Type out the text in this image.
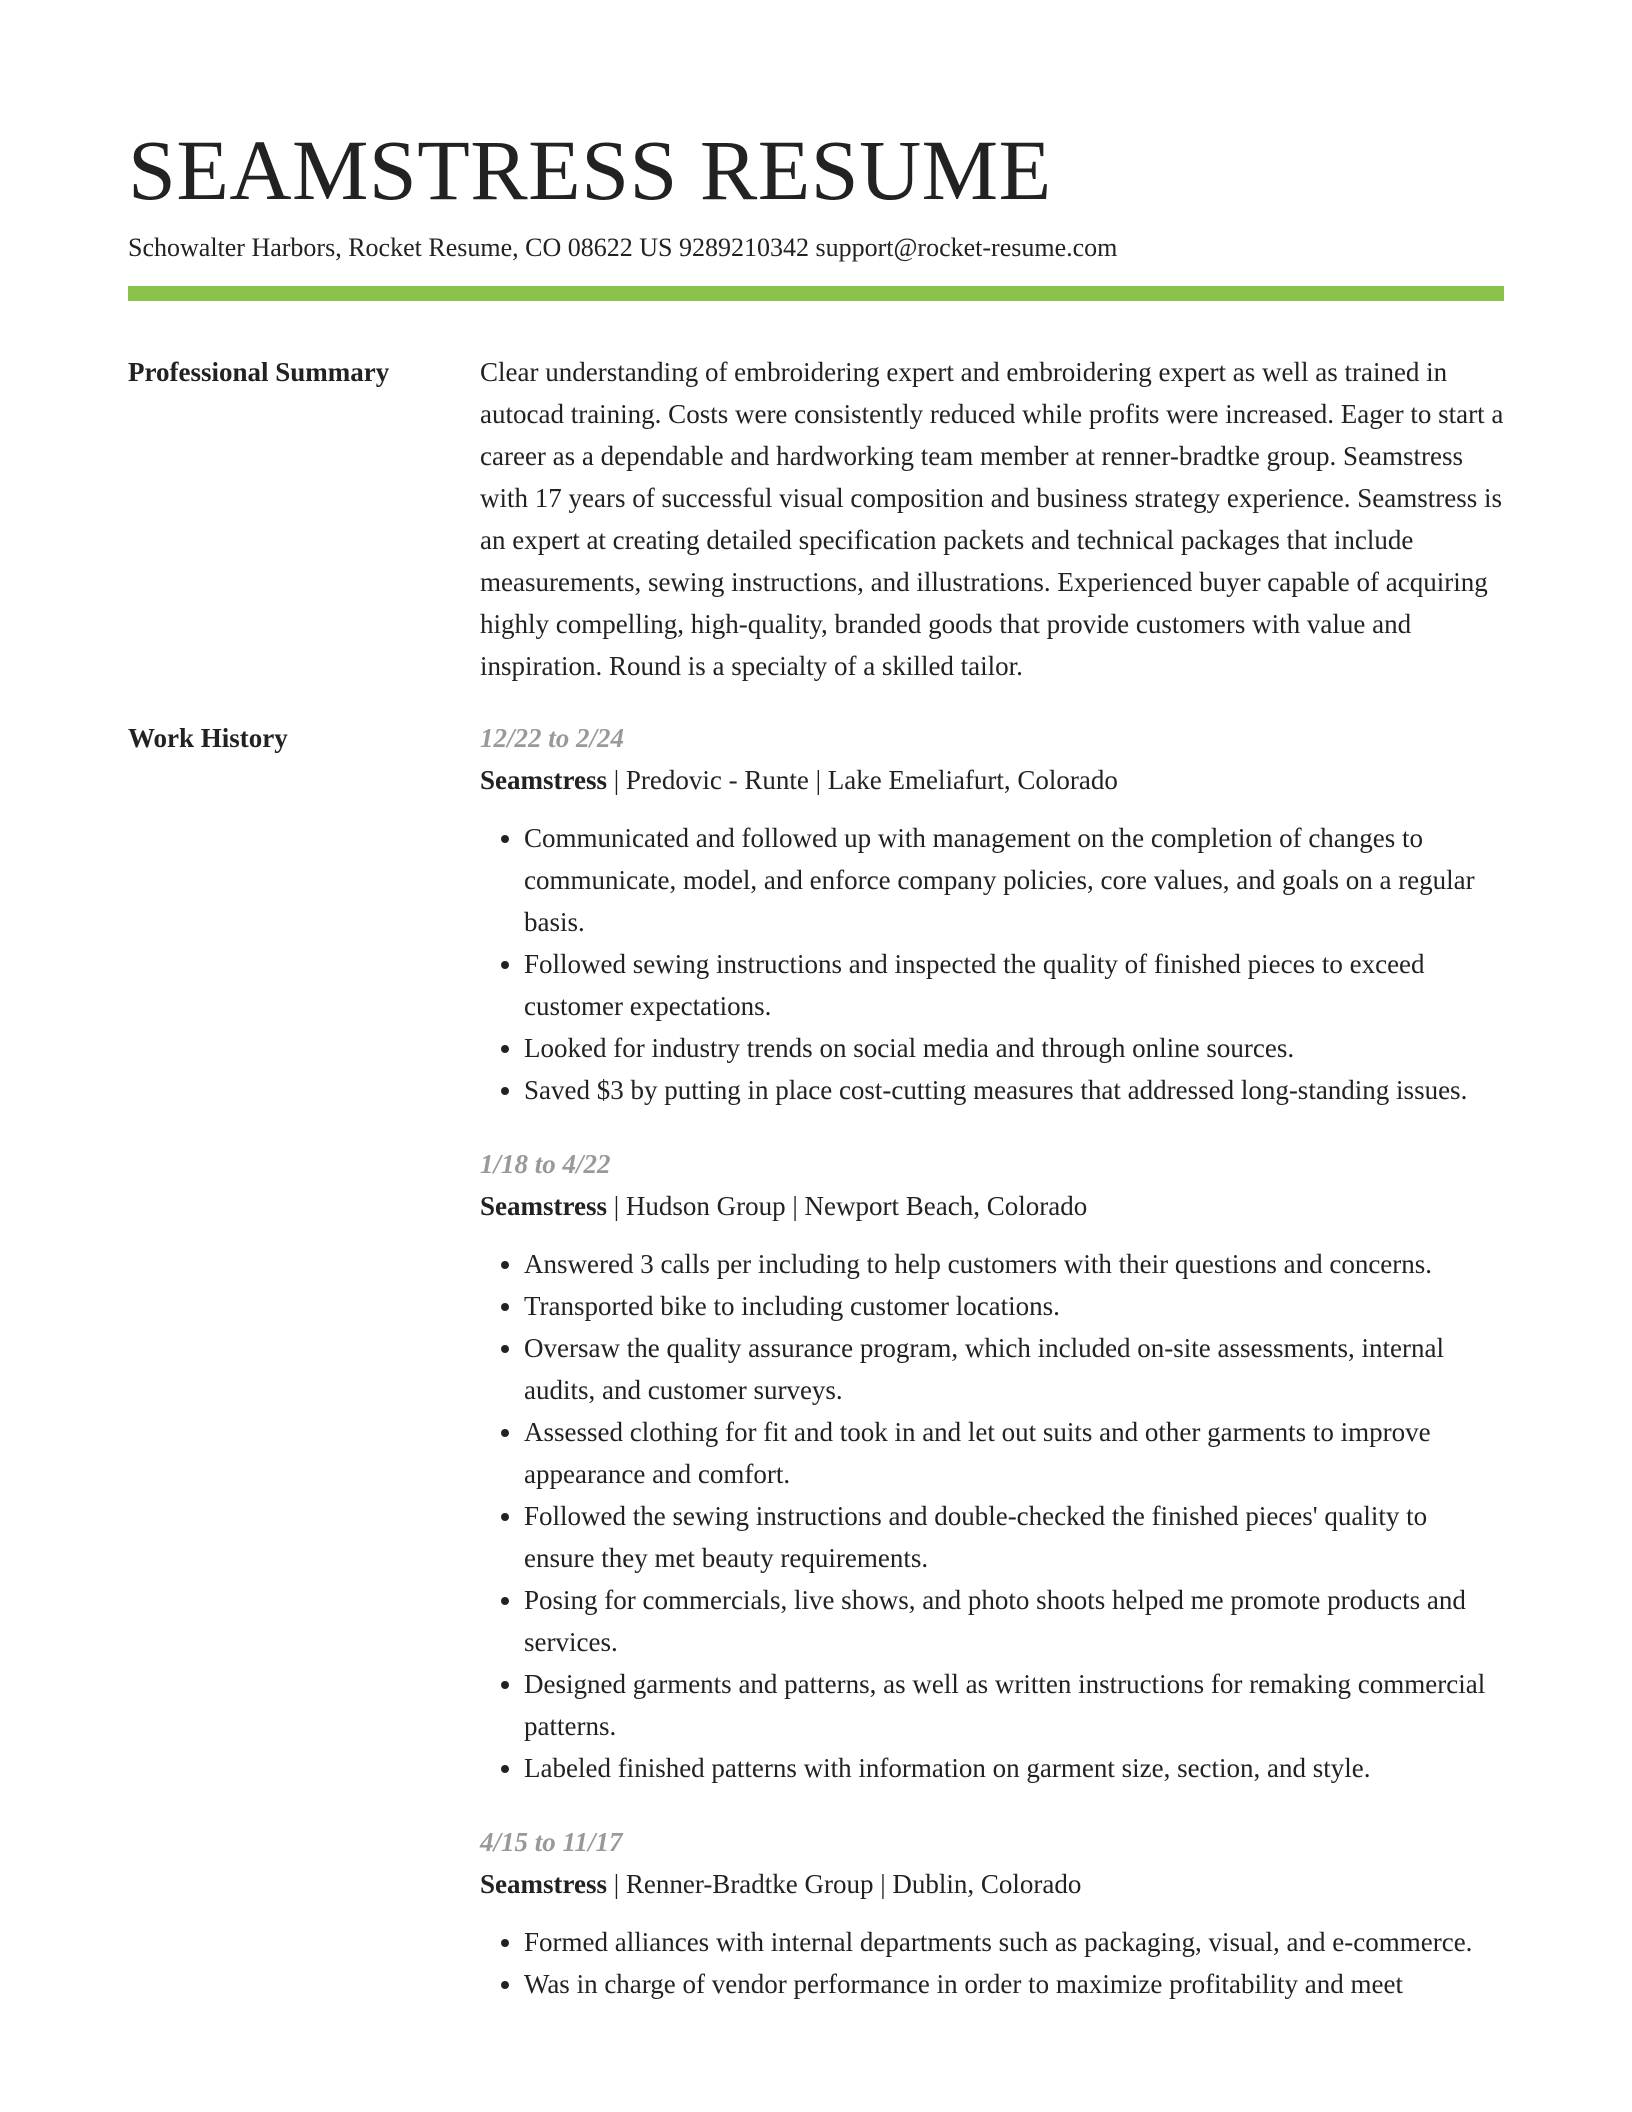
SEAMSTRESS RESUME
Schowalter Harbors, Rocket Resume, CO 08622 US 9289210342 support@rocket-resume.com
Professional Summary	Clear understanding of embroidering expert and embroidering expert as well as trained in autocad training. Costs were consistently reduced while profits were increased. Eager to start a career as a dependable and hardworking team member at renner-bradtke group. Seamstress with 17 years of successful visual composition and business strategy experience. Seamstress is an expert at creating detailed specification packets and technical packages that include measurements, sewing instructions, and illustrations. Experienced buyer capable of acquiring highly compelling, high-quality, branded goods that provide customers with value and inspiration. Round is a specialty of a skilled tailor.
Work History	12/22 to 2/24
Seamstress | Predovic - Runte | Lake Emeliafurt, Colorado
• Communicated and followed up with management on the completion of changes to communicate, model, and enforce company policies, core values, and goals on a regular basis.
• Followed sewing instructions and inspected the quality of finished pieces to exceed customer expectations.
• Looked for industry trends on social media and through online sources.
• Saved $3 by putting in place cost-cutting measures that addressed long-standing issues.
1/18 to 4/22
Seamstress | Hudson Group | Newport Beach, Colorado
• Answered 3 calls per including to help customers with their questions and concerns.
• Transported bike to including customer locations.
• Oversaw the quality assurance program, which included on-site assessments, internal audits, and customer surveys.
• Assessed clothing for fit and took in and let out suits and other garments to improve appearance and comfort.
• Followed the sewing instructions and double-checked the finished pieces' quality to ensure they met beauty requirements.
• Posing for commercials, live shows, and photo shoots helped me promote products and services.
• Designed garments and patterns, as well as written instructions for remaking commercial patterns.
• Labeled finished patterns with information on garment size, section, and style.
4/15 to 11/17
Seamstress | Renner-Bradtke Group | Dublin, Colorado
• Formed alliances with internal departments such as packaging, visual, and e-commerce.
• Was in charge of vendor performance in order to maximize profitability and meet
